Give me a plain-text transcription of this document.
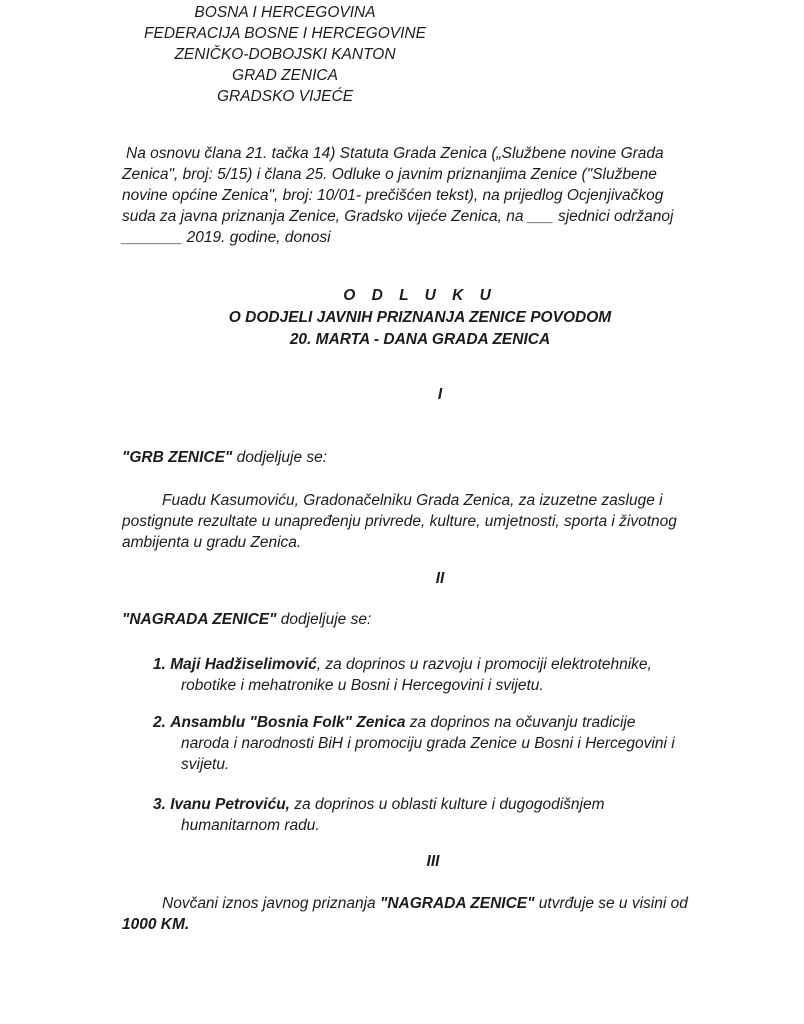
BOSNA I HERCEGOVINA
FEDERACIJA BOSNE I HERCEGOVINE
ZENIČKO-DOBOJSKI KANTON
GRAD ZENICA
GRADSKO VIJEĆE
Na osnovu člana 21. tačka 14) Statuta Grada Zenica („Službene novine Grada
Zenica", broj: 5/15) i člana 25. Odluke o javnim priznanjima Zenice ("Službene
novine općine Zenica", broj: 10/01- prečišćen tekst), na prijedlog Ocjenjivačkog
suda za javna priznanja Zenice, Gradsko vijeće Zenica, na ___ sjednici održanoj
_______ 2019. godine, donosi
O D L U K U
O DODJELI JAVNIH PRIZNANJA ZENICE POVODOM
20. MARTA - DANA GRADA ZENICA
I
"GRB ZENICE" dodjeljuje se:
Fuadu Kasumoviću, Gradonačelniku Grada Zenica, za izuzetne zasluge i
postignute rezultate u unapređenju privrede, kulture, umjetnosti, sporta i životnog
ambijenta u gradu Zenica.
II
"NAGRADA ZENICE" dodjeljuje se:
1. Maji Hadžiselimović, za doprinos u razvoju i promociji elektrotehnike,
robotike i mehatronike u Bosni i Hercegovini i svijetu.
2. Ansamblu "Bosnia Folk" Zenica za doprinos na očuvanju tradicije
naroda i narodnosti BiH i promociju grada Zenice u Bosni i Hercegovini i
svijetu.
3. Ivanu Petroviću, za doprinos u oblasti kulture i dugogodišnjem
humanitarnom radu.
III
Novčani iznos javnog priznanja "NAGRADA ZENICE" utvrđuje se u visini od
1000 KM.
